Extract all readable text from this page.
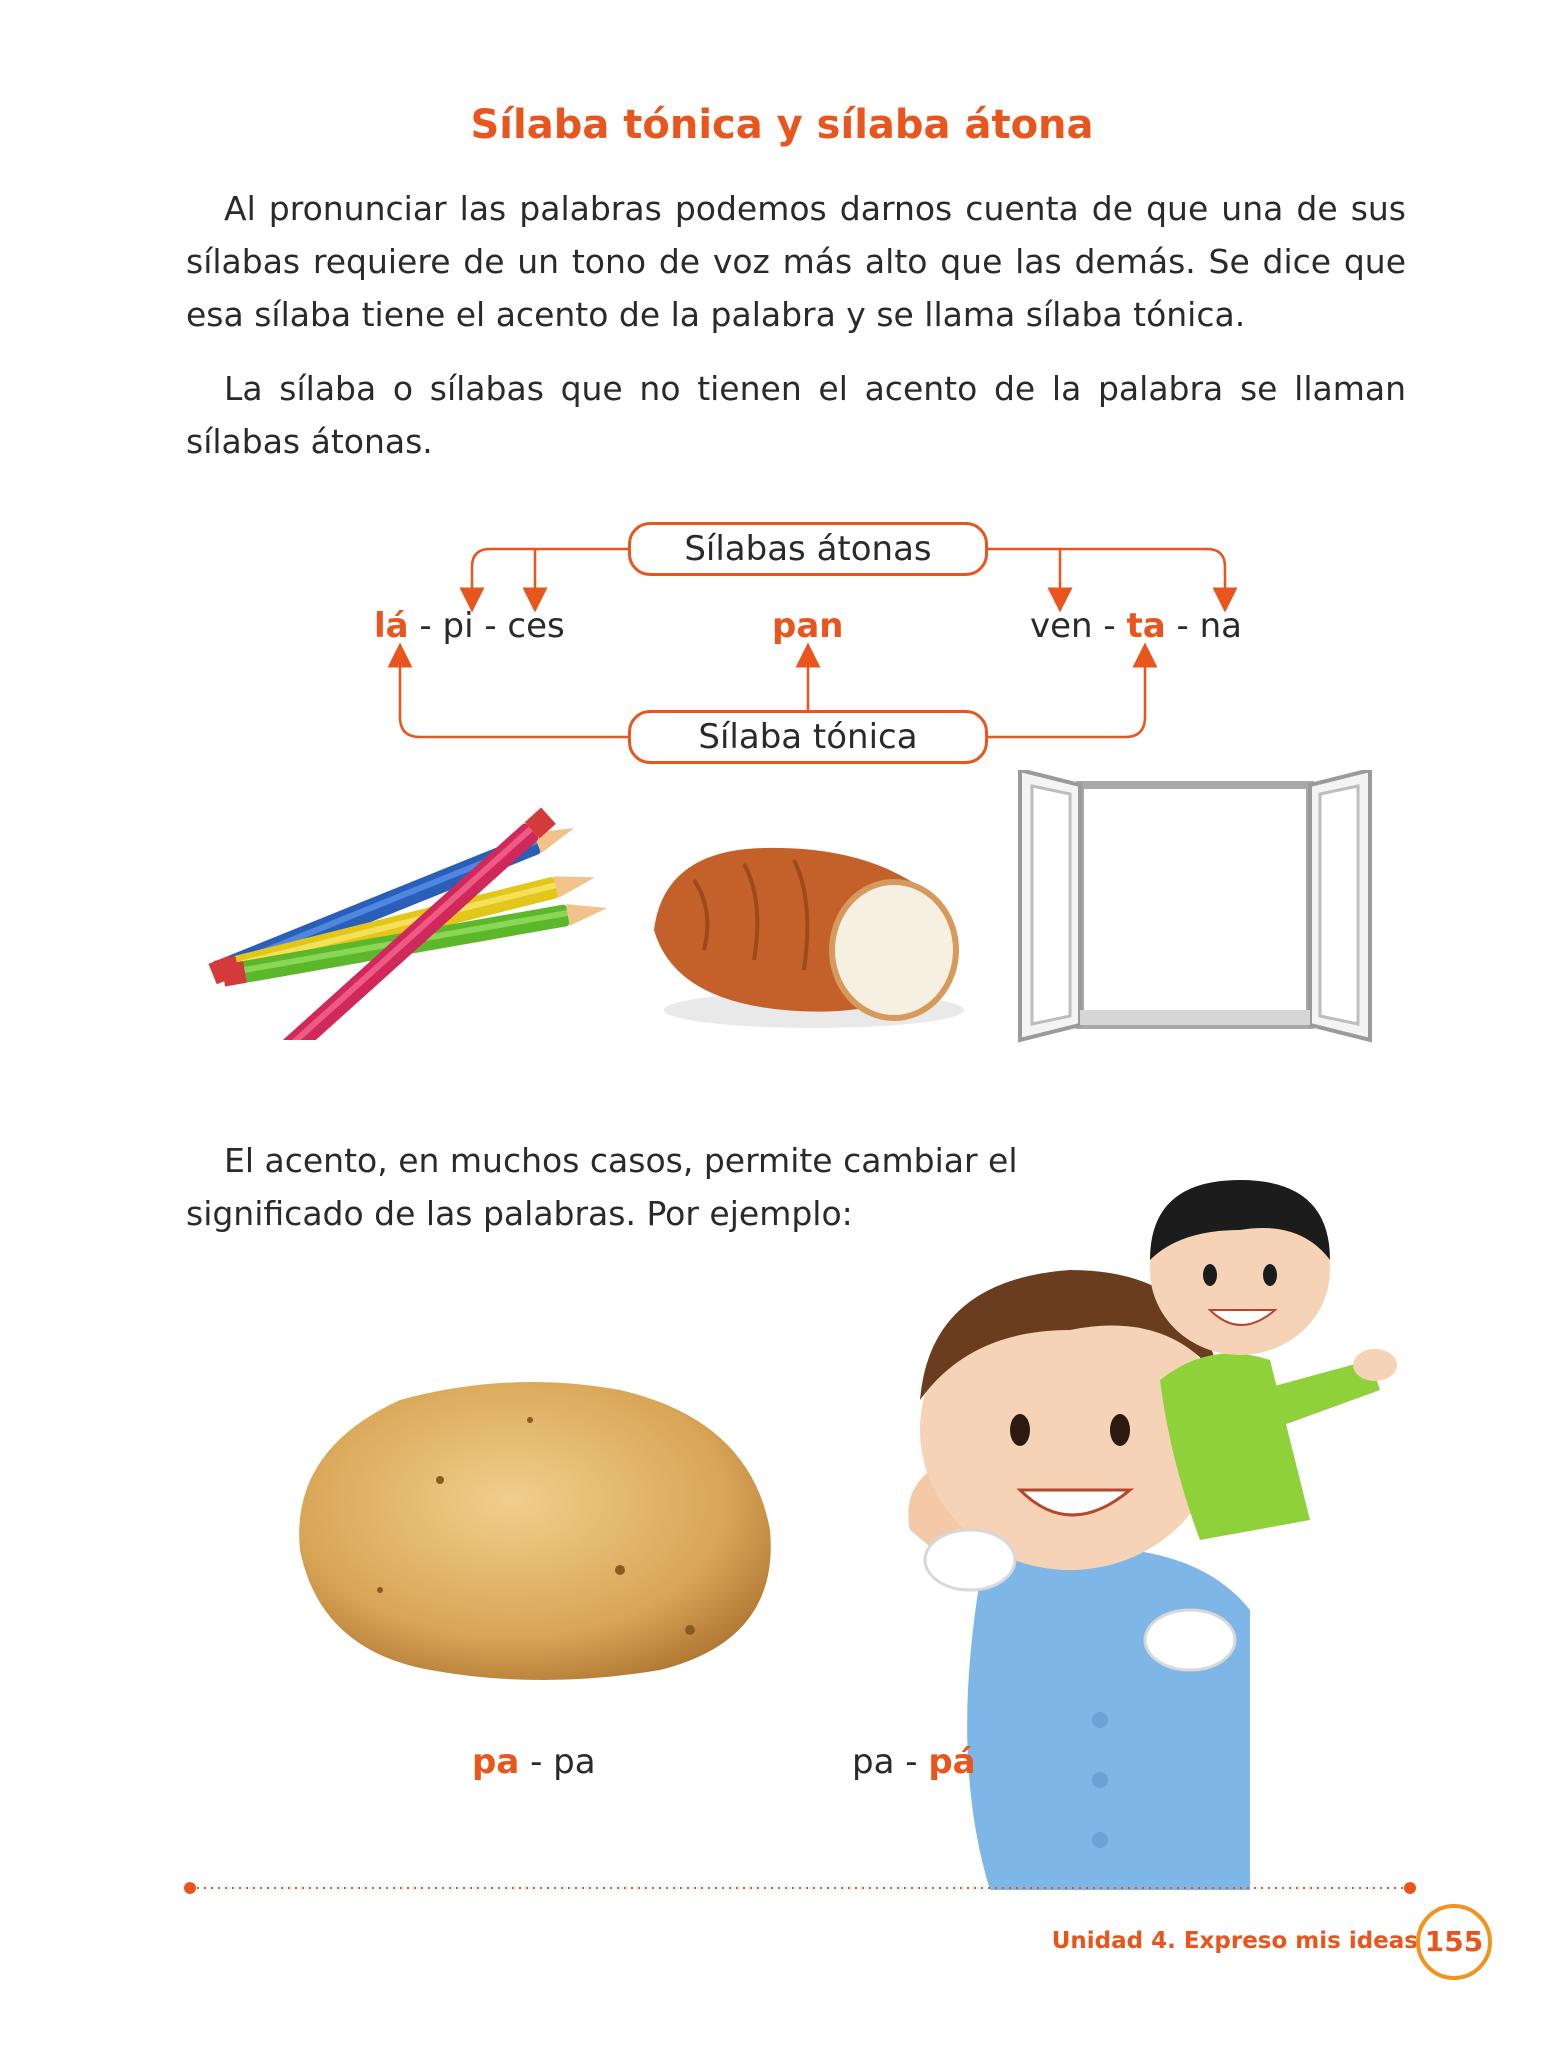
Sílaba tónica y sílaba átona
Al pronunciar las palabras podemos darnos cuenta de que una de sus sílabas requiere de un tono de voz más alto que las demás. Se dice que esa sílaba tiene el acento de la palabra y se llama sílaba tónica.
La sílaba o sílabas que no tienen el acento de la palabra se llaman sílabas átonas.
Sílabas átonas
Sílaba tónica
lá - pi - ces	pan	ven - ta - na
El acento, en muchos casos, permite cambiar el significado de las palabras. Por ejemplo:
pa - pa	pa - pá
Unidad 4. Expreso mis ideas 155
